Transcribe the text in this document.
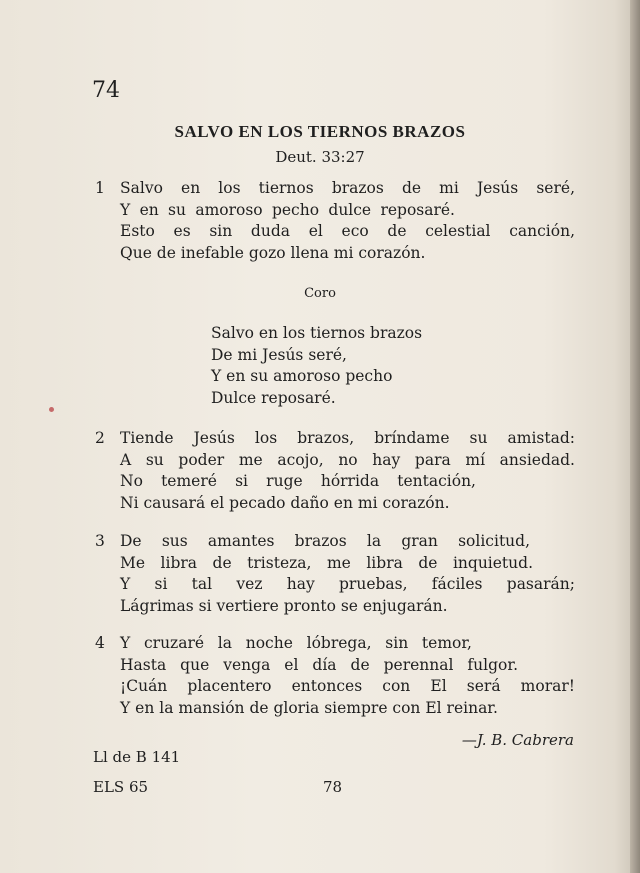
74
SALVO EN LOS TIERNOS BRAZOS
Deut. 33:27
1 Salvo en los tiernos brazos de mi Jesús seré,
Y en su amoroso pecho dulce reposaré.
Esto es sin duda el eco de celestial canción,
Que de inefable gozo llena mi corazón.
Coro
Salvo en los tiernos brazos
De mi Jesús seré,
Y en su amoroso pecho
Dulce reposaré.
2 Tiende Jesús los brazos, bríndame su amistad:
A su poder me acojo, no hay para mí ansiedad.
No temeré si ruge hórrida tentación,
Ni causará el pecado daño en mi corazón.
3 De sus amantes brazos la gran solicitud,
Me libra de tristeza, me libra de inquietud.
Y si tal vez hay pruebas, fáciles pasarán;
Lágrimas si vertiere pronto se enjugarán.
4 Y cruzaré la noche lóbrega, sin temor,
Hasta que venga el día de perennal fulgor.
¡Cuán placentero entonces con El será morar!
Y en la mansión de gloria siempre con El reinar.
—J. B. Cabrera
Ll de B 141
ELS 65	78
